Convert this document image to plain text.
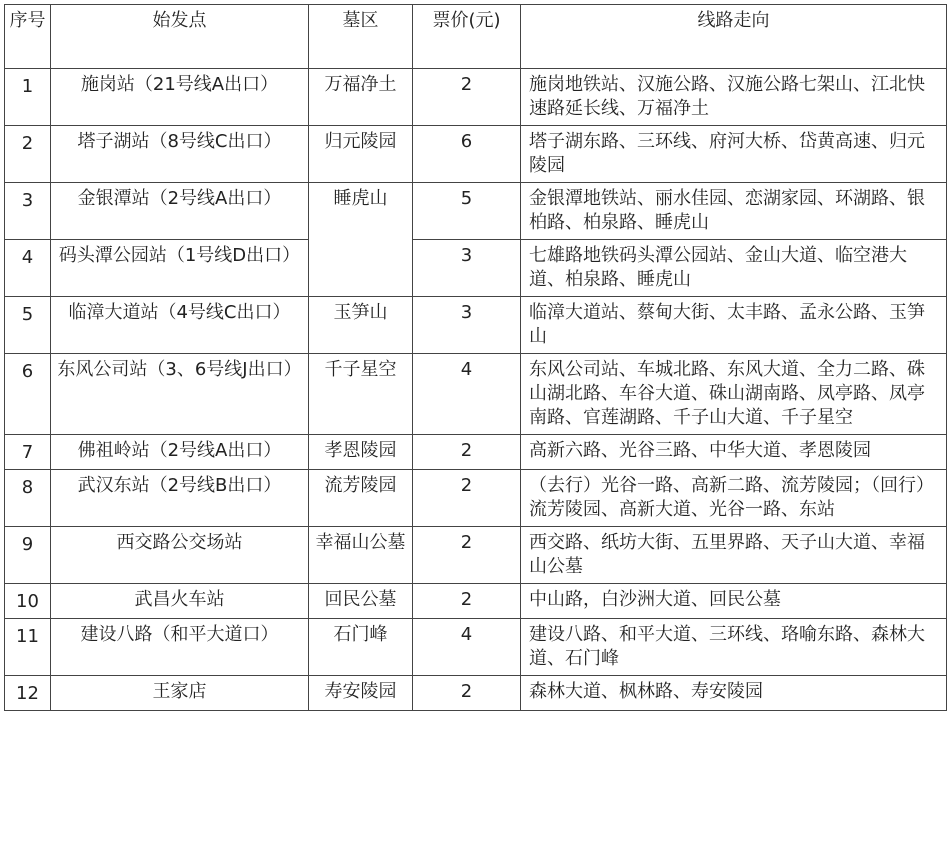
序号	始发点	墓区	票价(元)	线路走向
1	施岗站（21号线A出口）	万福净土	2	施岗地铁站、汉施公路、汉施公路七架山、江北快速路延长线、万福净土
2	塔子湖站（8号线C出口）	归元陵园	6	塔子湖东路、三环线、府河大桥、岱黄高速、归元陵园
3	金银潭站（2号线A出口）	睡虎山	5	金银潭地铁站、丽水佳园、恋湖家园、环湖路、银柏路、柏泉路、睡虎山
4	码头潭公园站（1号线D出口）		3	七雄路地铁码头潭公园站、金山大道、临空港大道、柏泉路、睡虎山
5	临漳大道站（4号线C出口）	玉笋山	3	临漳大道站、蔡甸大街、太丰路、孟永公路、玉笋山
6	东风公司站（3、6号线J出口）	千子星空	4	东风公司站、车城北路、东风大道、全力二路、硃山湖北路、车谷大道、硃山湖南路、凤亭路、凤亭南路、官莲湖路、千子山大道、千子星空
7	佛祖岭站（2号线A出口）	孝恩陵园	2	高新六路、光谷三路、中华大道、孝恩陵园
8	武汉东站（2号线B出口）	流芳陵园	2	（去行）光谷一路、高新二路、流芳陵园；（回行）流芳陵园、高新大道、光谷一路、东站
9	西交路公交场站	幸福山公墓	2	西交路、纸坊大街、五里界路、天子山大道、幸福山公墓
10	武昌火车站	回民公墓	2	中山路，白沙洲大道、回民公墓
11	建设八路（和平大道口）	石门峰	4	建设八路、和平大道、三环线、珞喻东路、森林大道、石门峰
12	王家店	寿安陵园	2	森林大道、枫林路、寿安陵园
